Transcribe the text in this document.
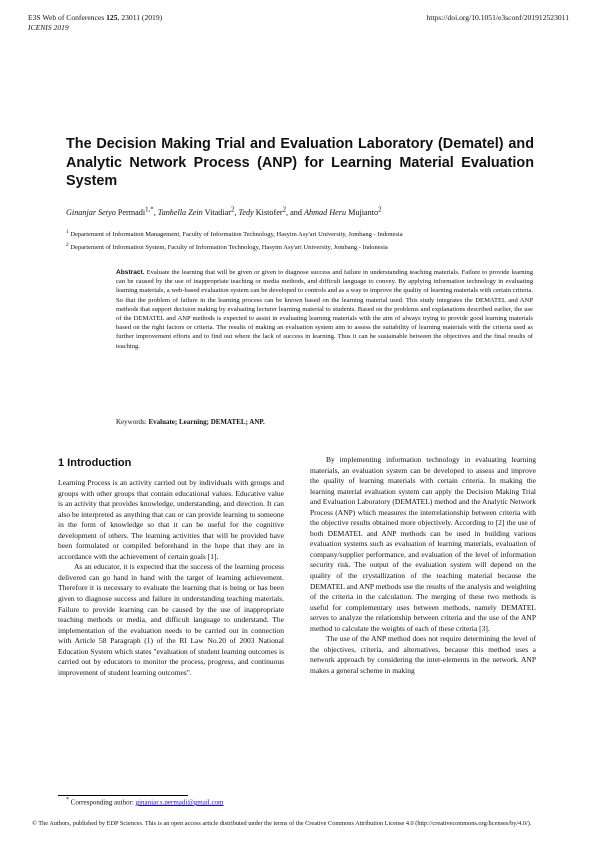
E3S Web of Conferences 125, 23011 (2019)
ICENIS 2019
https://doi.org/10.1051/e3sconf/201912523011
The Decision Making Trial and Evaluation Laboratory (Dematel) and Analytic Network Process (ANP) for Learning Material Evaluation System
Ginanjar Setyo Permadi$^{1,*}$, Tanhella Zein Vitadiar$^2$, Tedy Kistofer$^2$, and Ahmad Heru Mujianto$^2$
$^1$ Departement of Information Management, Faculty of Information Technology, Hasyim Asy'ari University, Jombang - Indonesia
$^2$ Departement of Information System, Faculty of Information Technology, Hasyim Asy'ari University, Jombang - Indonesia
Abstract. Evaluate the learning that will be given or given to diagnose success and failure in understanding teaching materials. Failure to provide learning can be caused by the use of inappropriate teaching or media methods, and difficult language to convey. By applying information technology in evaluating learning materials, a web-based evaluation system can be developed to controls and as a way to improve the quality of learning materials with certain criteria. So that the problem of failure in the learning process can be known based on the learning material used. This study integrates the DEMATEL and ANP methods that support decision making by evaluating lecturer learning material to students. Based on the problems and explanations described earlier, the use of the DEMATEL and ANP methods is expected to assist in evaluating learning materials with the aim of always trying to provide good learning materials based on the right factors or criteria. The results of making an evaluation system aim to assess the suitability of learning materials with the criteria used as further improvement efforts and to find out where the lack of success in learning. Thus it can be sustainable between the objectives and the final results of teaching.
Keywords: Evaluate; Learning; DEMATEL; ANP.
1 Introduction

Learning Process is an activity carried out by individuals with groups and groups with other groups that contain educational values. Educative value is an activity that provides knowledge, understanding, and direction. It can also be interpreted as anything that can or can provide learning to someone in the form of knowledge so that it can be useful for the cognitive development of others. The learning activities that will be provided have been formulated or compiled beforehand in the hope that they are in accordance with the achievement of certain goals [1].

As an educator, it is expected that the success of the learning process delivered can go hand in hand with the target of learning achievement. Therefore it is necessary to evaluate the learning that is being or has been given to diagnose success and failure in understanding teaching materials. Failure to provide learning can be caused by the use of inappropriate teaching methods or media, and difficult language to understand. The implementation of the evaluation needs to be carried out in connection with Article 58 Paragraph (1) of the RI Law No.20 of 2003 National Education System which states "evaluation of student learning outcomes is carried out by educators to monitor the process, progress, and continuous improvement of student learning outcomes".

By implementing information technology in evaluating learning materials, an evaluation system can be developed to assess and improve the quality of learning materials with certain criteria. In making the learning material evaluation system can apply the Decision Making Trial and Evaluation Laboratory (DEMATEL) method and the Analytic Network Process (ANP) which measures the interrelationship between criteria with the objective results obtained more objectively. According to [2] the use of both DEMATEL and ANP methods can be used in building various evaluation systems such as evaluation of learning materials, evaluation of company/supplier performance, and evaluation of the level of information security risk. The output of the evaluation system will depend on the quality of the crystallization of the teaching material because the DEMATEL and ANP methods use the results of the analysis and weighting of the criteria in the calculation. The merging of these two methods is useful for complementary uses between methods, namely DEMATEL serves to analyze the relationship between criteria and the use of the ANP method to calculate the weights of each of these criteria [3].

The use of the ANP method does not require determining the level of the objectives, criteria, and alternatives, because this method uses a network approach by considering the inter-elements in the network. ANP makes a general scheme in making

* Corresponding author: ginanjar.s.permadi@gmail.com
© The Authors, published by EDP Sciences. This is an open access article distributed under the terms of the Creative Commons Attribution License 4.0 (http://creativecommons.org/licenses/by/4.0/).
